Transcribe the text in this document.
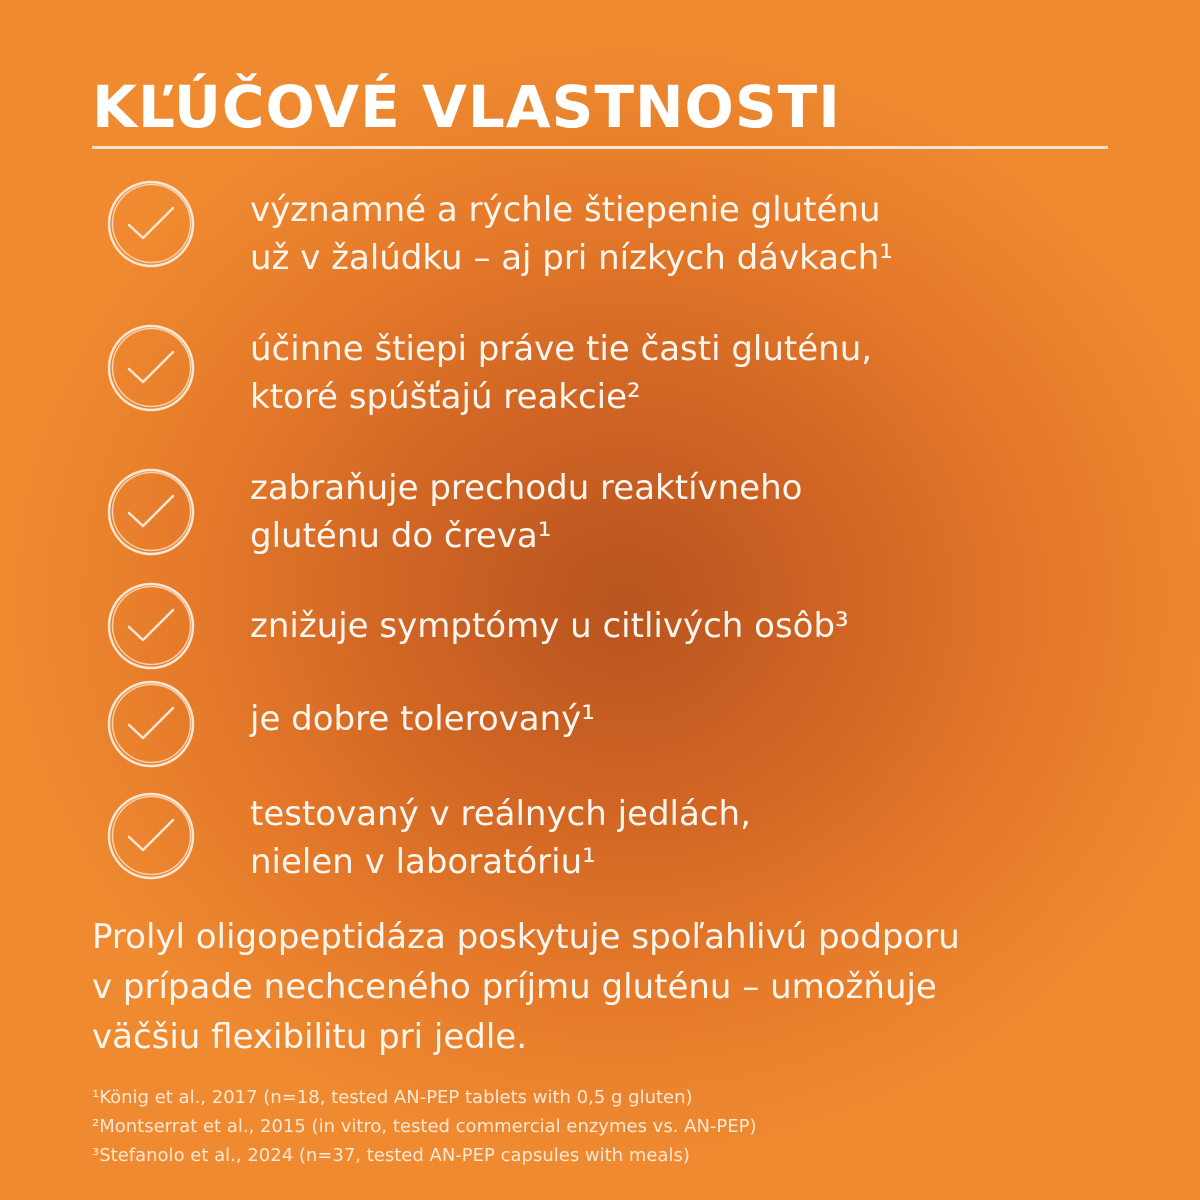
KĽÚČOVÉ VLASTNOSTI
významné a rýchle štiepenie gluténu
už v žalúdku – aj pri nízkych dávkach¹
účinne štiepi práve tie časti gluténu,
ktoré spúšťajú reakcie²
zabraňuje prechodu reaktívneho
gluténu do čreva¹
znižuje symptómy u citlivých osôb³
je dobre tolerovaný¹
testovaný v reálnych jedlách,
nielen v laboratóriu¹
Prolyl oligopeptidáza poskytuje spoľahlivú podporu
v prípade nechceného príjmu gluténu – umožňuje
väčšiu flexibilitu pri jedle.
¹König et al., 2017 (n=18, tested AN-PEP tablets with 0,5 g gluten)
²Montserrat et al., 2015 (in vitro, tested commercial enzymes vs. AN-PEP)
³Stefanolo et al., 2024 (n=37, tested AN-PEP capsules with meals)
